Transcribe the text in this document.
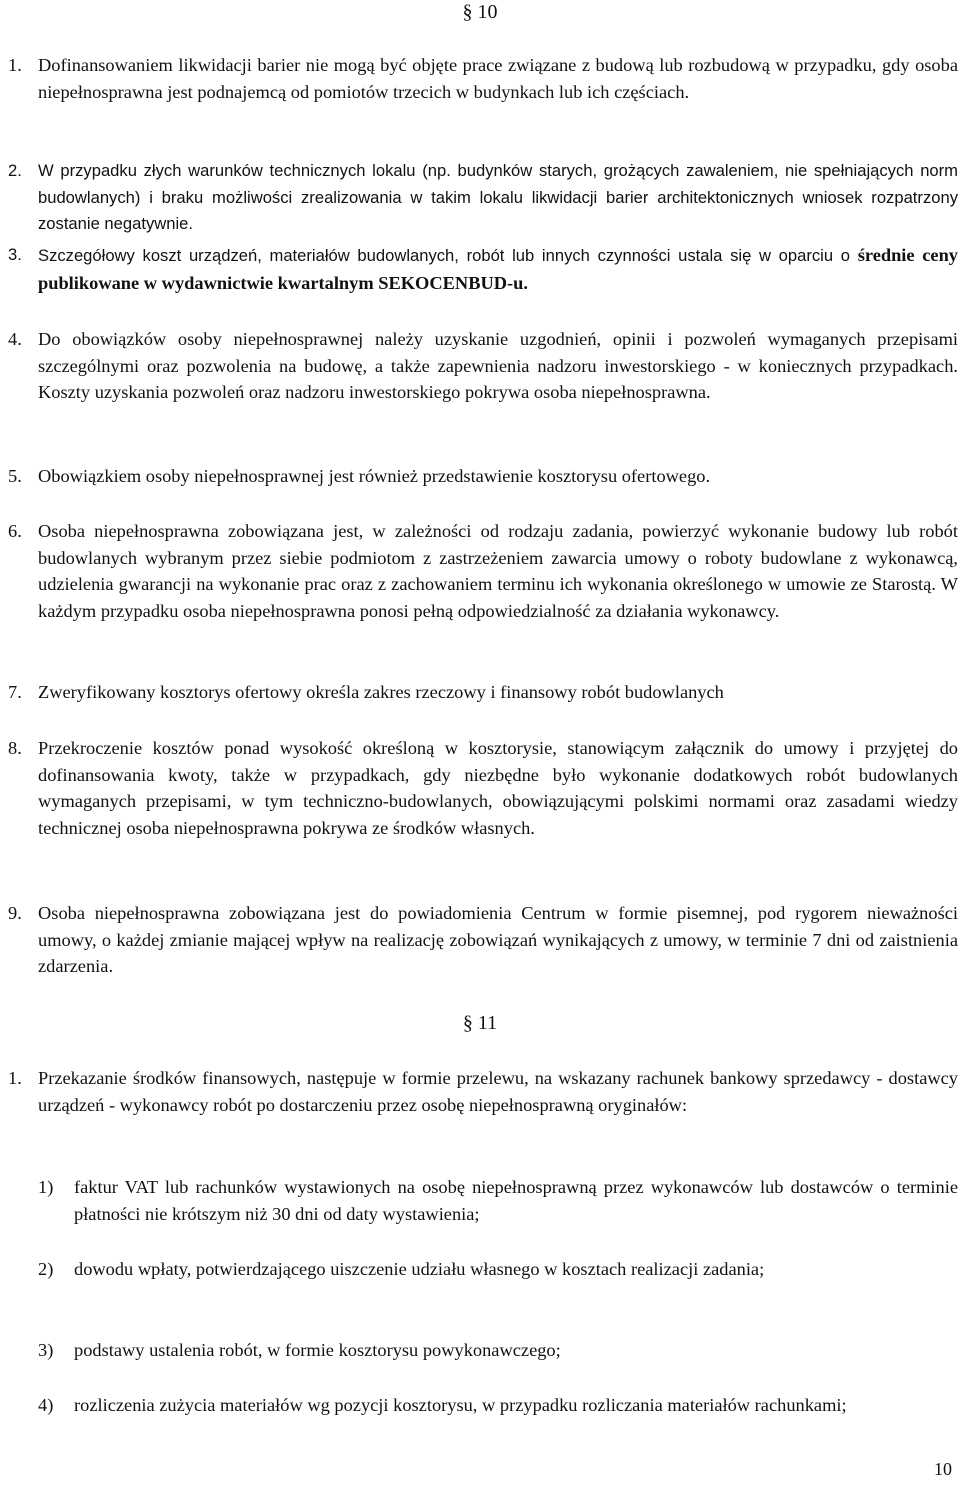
§ 10
1. Dofinansowaniem likwidacji barier nie mogą być objęte prace związane z budową lub rozbudową w przypadku, gdy osoba niepełnosprawna jest podnajemcą od pomiotów trzecich w budynkach lub ich częściach.
2. W przypadku złych warunków technicznych lokalu (np. budynków starych, grożących zawaleniem, nie spełniających norm budowlanych) i braku możliwości zrealizowania w takim lokalu likwidacji barier architektonicznych wniosek rozpatrzony zostanie negatywnie.
3. Szczegółowy koszt urządzeń, materiałów budowlanych, robót lub innych czynności ustala się w oparciu o średnie ceny publikowane w wydawnictwie kwartalnym SEKOCENBUD-u.
4. Do obowiązków osoby niepełnosprawnej należy uzyskanie uzgodnień, opinii i pozwoleń wymaganych przepisami szczególnymi oraz pozwolenia na budowę, a także zapewnienia nadzoru inwestorskiego - w koniecznych przypadkach. Koszty uzyskania pozwoleń oraz nadzoru inwestorskiego pokrywa osoba niepełnosprawna.
5. Obowiązkiem osoby niepełnosprawnej jest również przedstawienie kosztorysu ofertowego.
6. Osoba niepełnosprawna zobowiązana jest, w zależności od rodzaju zadania, powierzyć wykonanie budowy lub robót budowlanych wybranym przez siebie podmiotom z zastrzeżeniem zawarcia umowy o roboty budowlane z wykonawcą, udzielenia gwarancji na wykonanie prac oraz z zachowaniem terminu ich wykonania określonego w umowie ze Starostą. W każdym przypadku osoba niepełnosprawna ponosi pełną odpowiedzialność za działania wykonawcy.
7. Zweryfikowany kosztorys ofertowy określa zakres rzeczowy i finansowy robót budowlanych
8. Przekroczenie kosztów ponad wysokość określoną w kosztorysie, stanowiącym załącznik do umowy i przyjętej do dofinansowania kwoty, także w przypadkach, gdy niezbędne było wykonanie dodatkowych robót budowlanych wymaganych przepisami, w tym techniczno-budowlanych, obowiązującymi polskimi normami oraz zasadami wiedzy technicznej osoba niepełnosprawna pokrywa ze środków własnych.
9. Osoba niepełnosprawna zobowiązana jest do powiadomienia Centrum w formie pisemnej, pod rygorem nieważności umowy, o każdej zmianie mającej wpływ na realizację zobowiązań wynikających z umowy, w terminie 7 dni od zaistnienia zdarzenia.
§ 11
1. Przekazanie środków finansowych, następuje w formie przelewu, na wskazany rachunek bankowy sprzedawcy - dostawcy urządzeń - wykonawcy robót po dostarczeniu przez osobę niepełnosprawną oryginałów:
1) faktur VAT lub rachunków wystawionych na osobę niepełnosprawną przez wykonawców lub dostawców o terminie płatności nie krótszym niż 30 dni od daty wystawienia;
2) dowodu wpłaty, potwierdzającego uiszczenie udziału własnego w kosztach realizacji zadania;
3) podstawy ustalenia robót, w formie kosztorysu powykonawczego;
4) rozliczenia zużycia materiałów wg pozycji kosztorysu, w przypadku rozliczania materiałów rachunkami;
10
